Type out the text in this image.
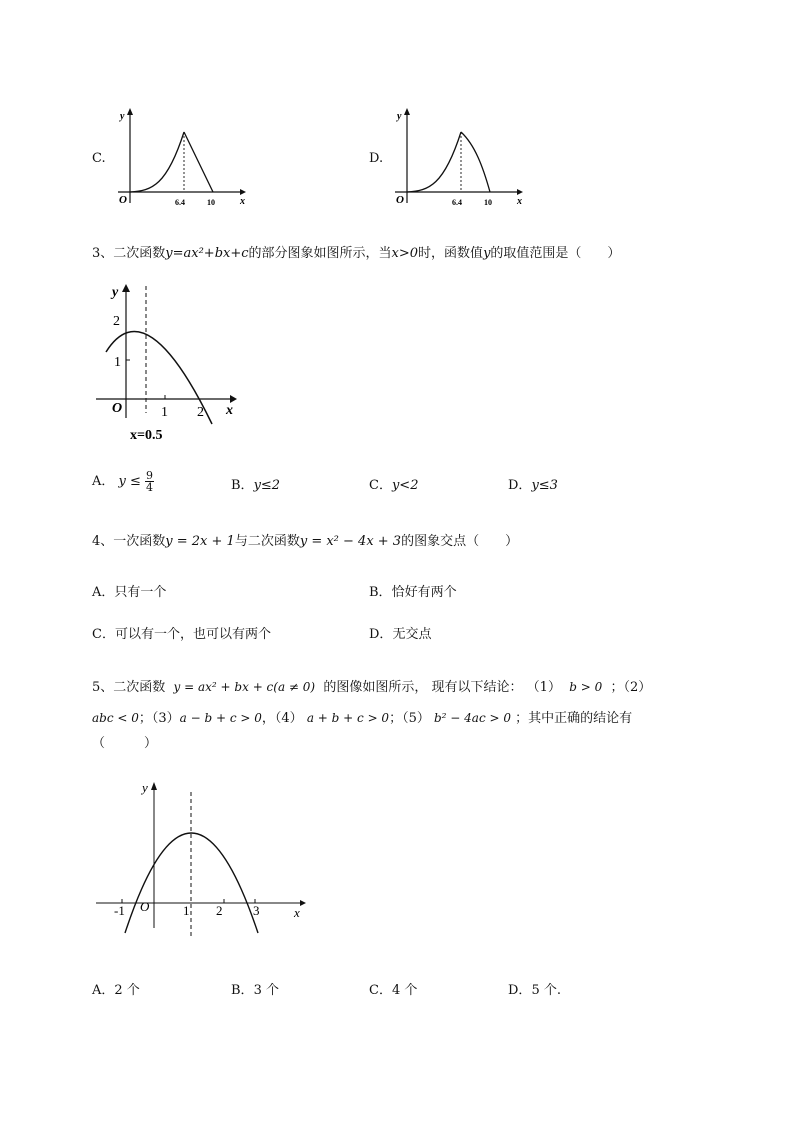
C.
y
x
O	6.4	10
D.
y
x
O	6.4	10
3、二次函数y=ax²+bx+c的部分图象如图所示，当x>0时，函数值y的取值范围是（　　）
y
x
O
2
1
1 2
x=0.5
A． $y \le \frac{9}{4}$	B．y≤2	C．y<2	D．y≤3
4、一次函数y = 2x + 1与二次函数y = x² − 4x + 3的图象交点（　　）
A．只有一个	B．恰好有两个
C．可以有一个，也可以有两个	D．无交点
5、二次函数 y = ax² + bx + c(a ≠ 0) 的图像如图所示， 现有以下结论： （1） b > 0 ；（2）
abc < 0；（3）a − b + c > 0，（4） a + b + c > 0；（5） b² − 4ac > 0 ；其中正确的结论有
（　　　）
y
x
O
-1	1 2 3
A．2 个	B．3 个	C．4 个	D．5 个.
